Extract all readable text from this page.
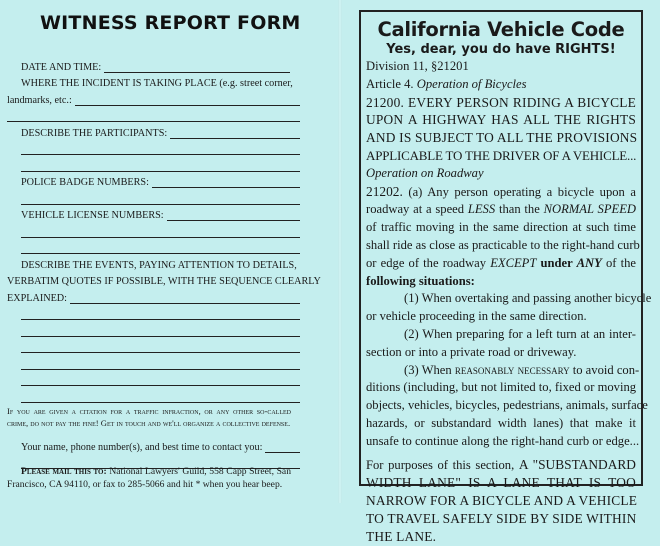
WITNESS REPORT FORM
DATE AND TIME:
WHERE THE INCIDENT IS TAKING PLACE (e.g. street corner,
landmarks, etc.:
DESCRIBE THE PARTICIPANTS:
POLICE BADGE NUMBERS:
VEHICLE LICENSE NUMBERS:
DESCRIBE THE EVENTS, PAYING ATTENTION TO DETAILS,
VERBATIM QUOTES IF POSSIBLE, WITH THE SEQUENCE CLEARLY
EXPLAINED:
If you are given a citation for a traffic infraction, or any other so-called crime, do not pay the fine! Get in touch and we'll organize a collective defense.
Your name, phone number(s), and best time to contact you:
Please mail this to: National Lawyers' Guild, 558 Capp Street, San Francisco, CA 94110, or fax to 285-5066 and hit * when you hear beep.
California Vehicle Code
Yes, dear, you do have RIGHTS!
Division 11, §21201
Article 4. Operation of Bicycles
21200. EVERY PERSON RIDING A BICYCLE
UPON A HIGHWAY HAS ALL THE RIGHTS
AND IS SUBJECT TO ALL THE PROVISIONS
APPLICABLE TO THE DRIVER OF A VEHICLE...
Operation on Roadway
21202. (a) Any person operating a bicycle upon a
roadway at a speed LESS than the NORMAL SPEED
of traffic moving in the same direction at such time
shall ride as close as practicable to the right-hand curb
or edge of the roadway EXCEPT under ANY of the
following situations:
(1) When overtaking and passing another bicycle
or vehicle proceeding in the same direction.
(2) When preparing for a left turn at an inter-
section or into a private road or driveway.
(3) When reasonably necessary to avoid con-
ditions (including, but not limited to, fixed or moving
objects, vehicles, bicycles, pedestrians, animals, surface
hazards, or substandard width lanes) that make it
unsafe to continue along the right-hand curb or edge...
For purposes of this section, A "SUBSTANDARD
WIDTH LANE" IS A LANE THAT IS TOO
NARROW FOR A BICYCLE AND A VEHICLE
TO TRAVEL SAFELY SIDE BY SIDE WITHIN
THE LANE.
